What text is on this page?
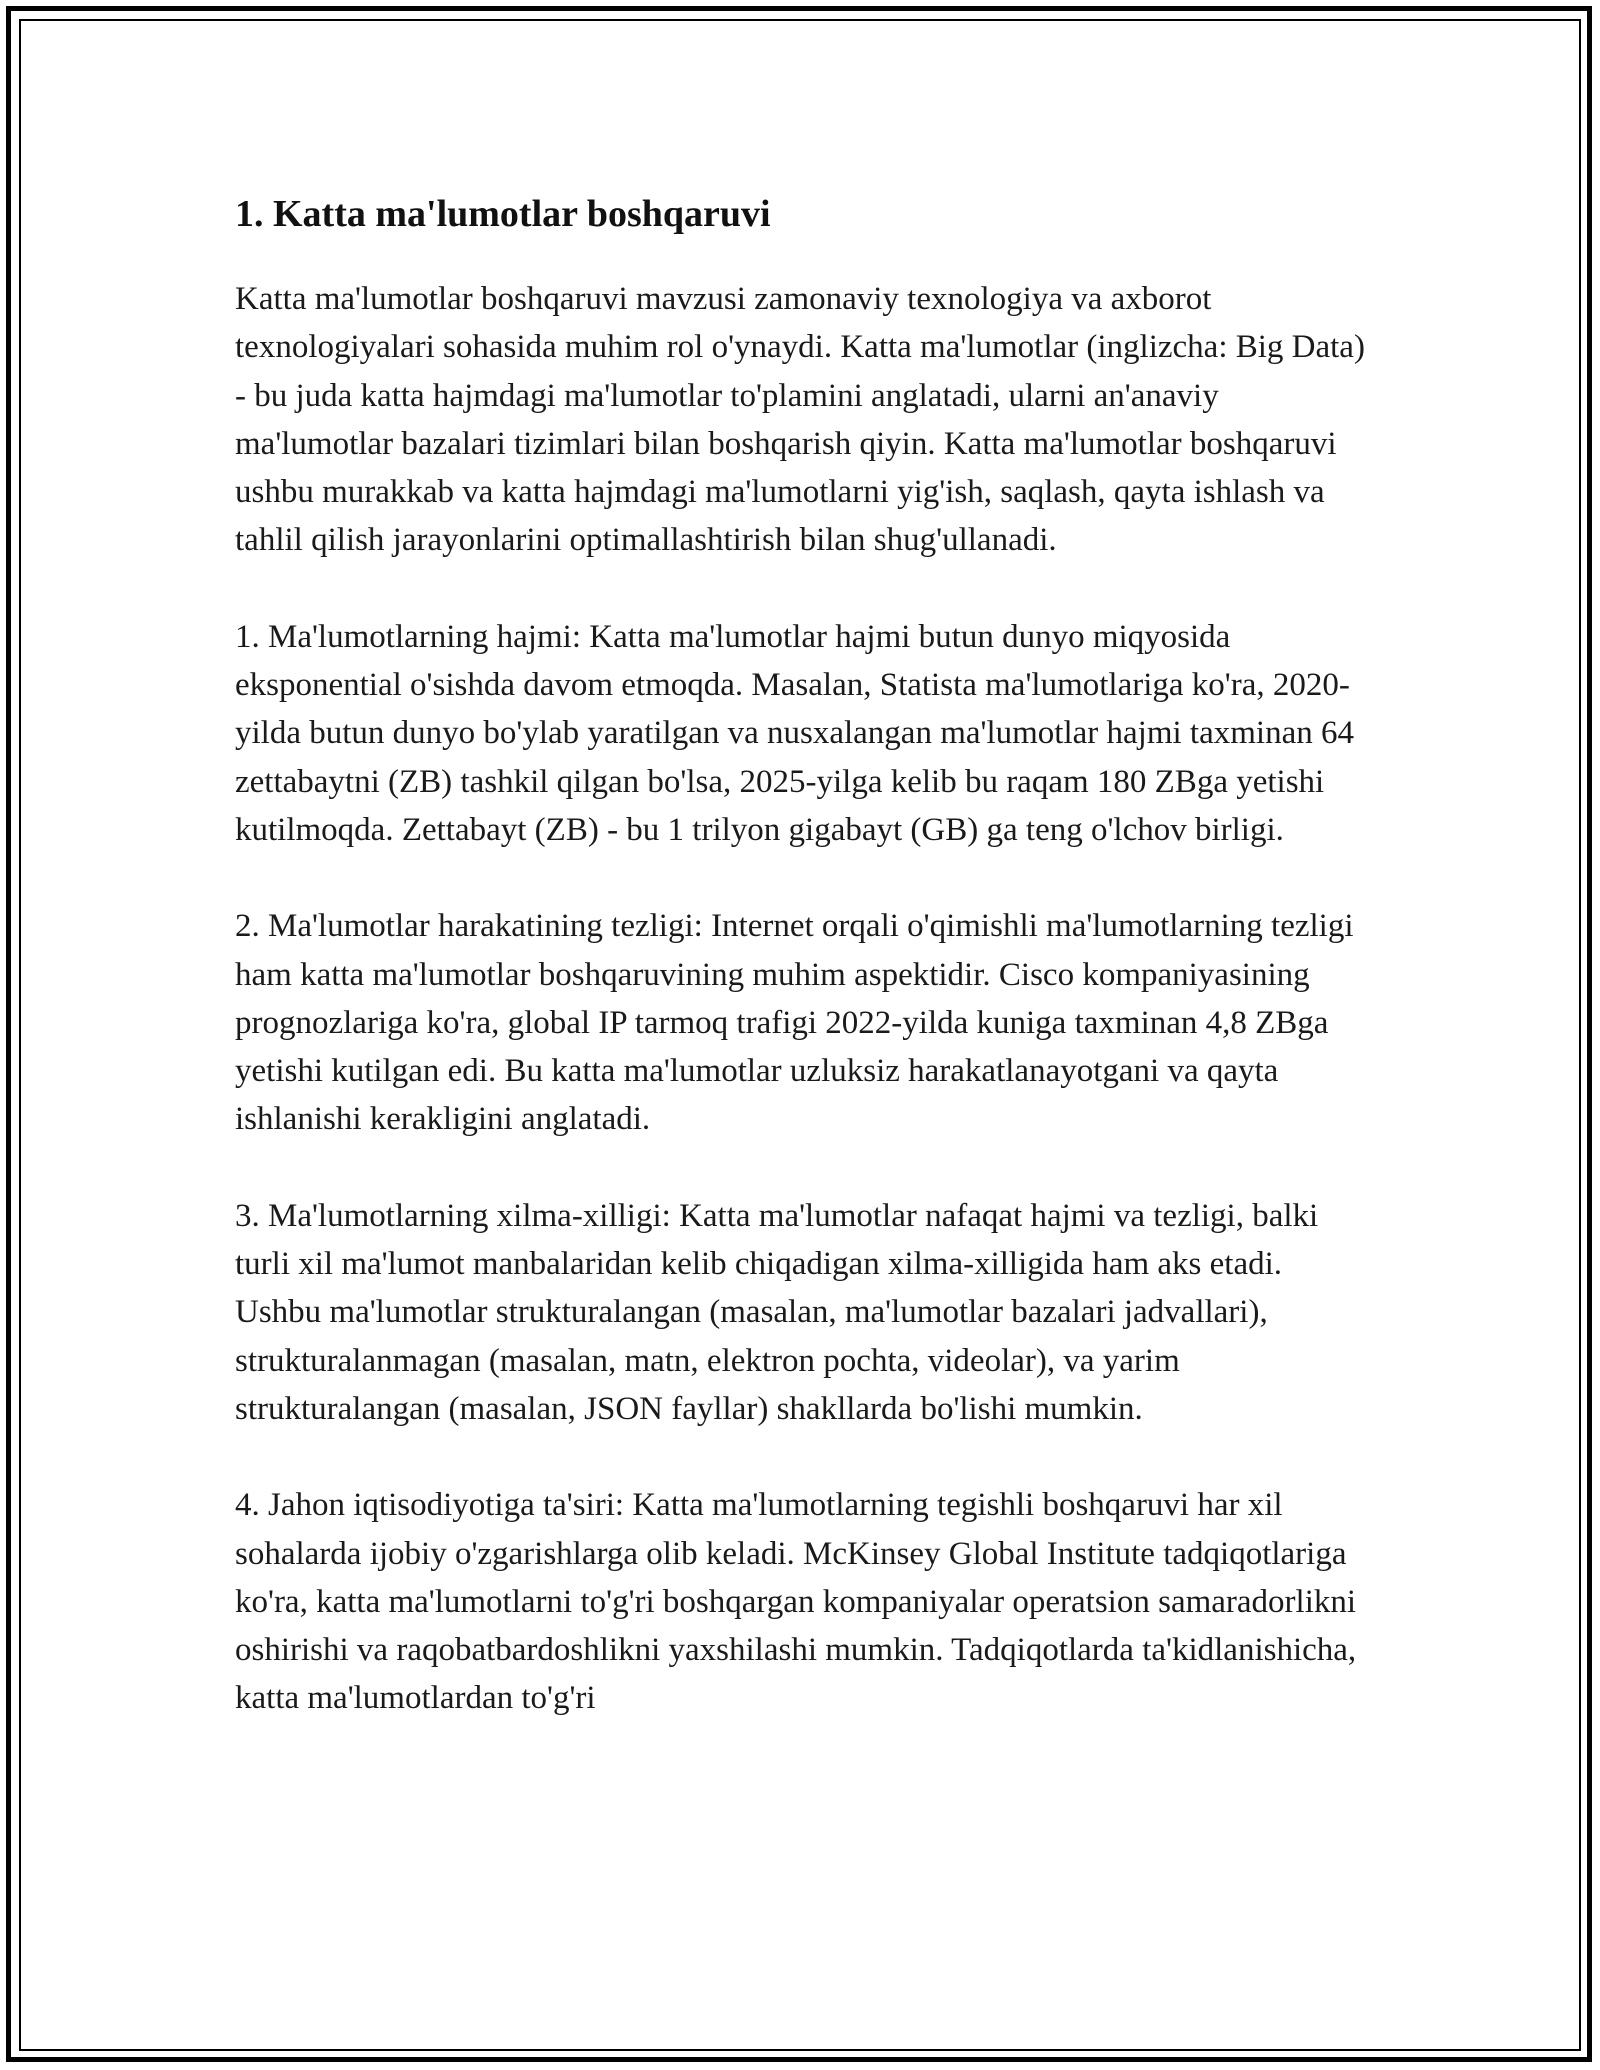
1. Katta ma'lumotlar boshqaruvi

Katta ma'lumotlar boshqaruvi mavzusi zamonaviy texnologiya va axborot texnologiyalari sohasida muhim rol o'ynaydi. Katta ma'lumotlar (inglizcha: Big Data) - bu juda katta hajmdagi ma'lumotlar to'plamini anglatadi, ularni an'anaviy ma'lumotlar bazalari tizimlari bilan boshqarish qiyin. Katta ma'lumotlar boshqaruvi ushbu murakkab va katta hajmdagi ma'lumotlarni yig'ish, saqlash, qayta ishlash va tahlil qilish jarayonlarini optimallashtirish bilan shug'ullanadi.

1. Ma'lumotlarning hajmi: Katta ma'lumotlar hajmi butun dunyo miqyosida eksponential o'sishda davom etmoqda. Masalan, Statista ma'lumotlariga ko'ra, 2020-yilda butun dunyo bo'ylab yaratilgan va nusxalangan ma'lumotlar hajmi taxminan 64 zettabaytni (ZB) tashkil qilgan bo'lsa, 2025-yilga kelib bu raqam 180 ZBga yetishi kutilmoqda. Zettabayt (ZB) - bu 1 trilyon gigabayt (GB) ga teng o'lchov birligi.

2. Ma'lumotlar harakatining tezligi: Internet orqali o'qimishli ma'lumotlarning tezligi ham katta ma'lumotlar boshqaruvining muhim aspektidir. Cisco kompaniyasining prognozlariga ko'ra, global IP tarmoq trafigi 2022-yilda kuniga taxminan 4,8 ZBga yetishi kutilgan edi. Bu katta ma'lumotlar uzluksiz harakatlanayotgani va qayta ishlanishi kerakligini anglatadi.

3. Ma'lumotlarning xilma-xilligi: Katta ma'lumotlar nafaqat hajmi va tezligi, balki turli xil ma'lumot manbalaridan kelib chiqadigan xilma-xilligida ham aks etadi. Ushbu ma'lumotlar strukturalangan (masalan, ma'lumotlar bazalari jadvallari), strukturalanmagan (masalan, matn, elektron pochta, videolar), va yarim strukturalangan (masalan, JSON fayllar) shakllarda bo'lishi mumkin.

4. Jahon iqtisodiyotiga ta'siri: Katta ma'lumotlarning tegishli boshqaruvi har xil sohalarda ijobiy o'zgarishlarga olib keladi. McKinsey Global Institute tadqiqotlariga ko'ra, katta ma'lumotlarni to'g'ri boshqargan kompaniyalar operatsion samaradorlikni oshirishi va raqobatbardoshlikni yaxshilashi mumkin. Tadqiqotlarda ta'kidlanishicha, katta ma'lumotlardan to'g'ri
